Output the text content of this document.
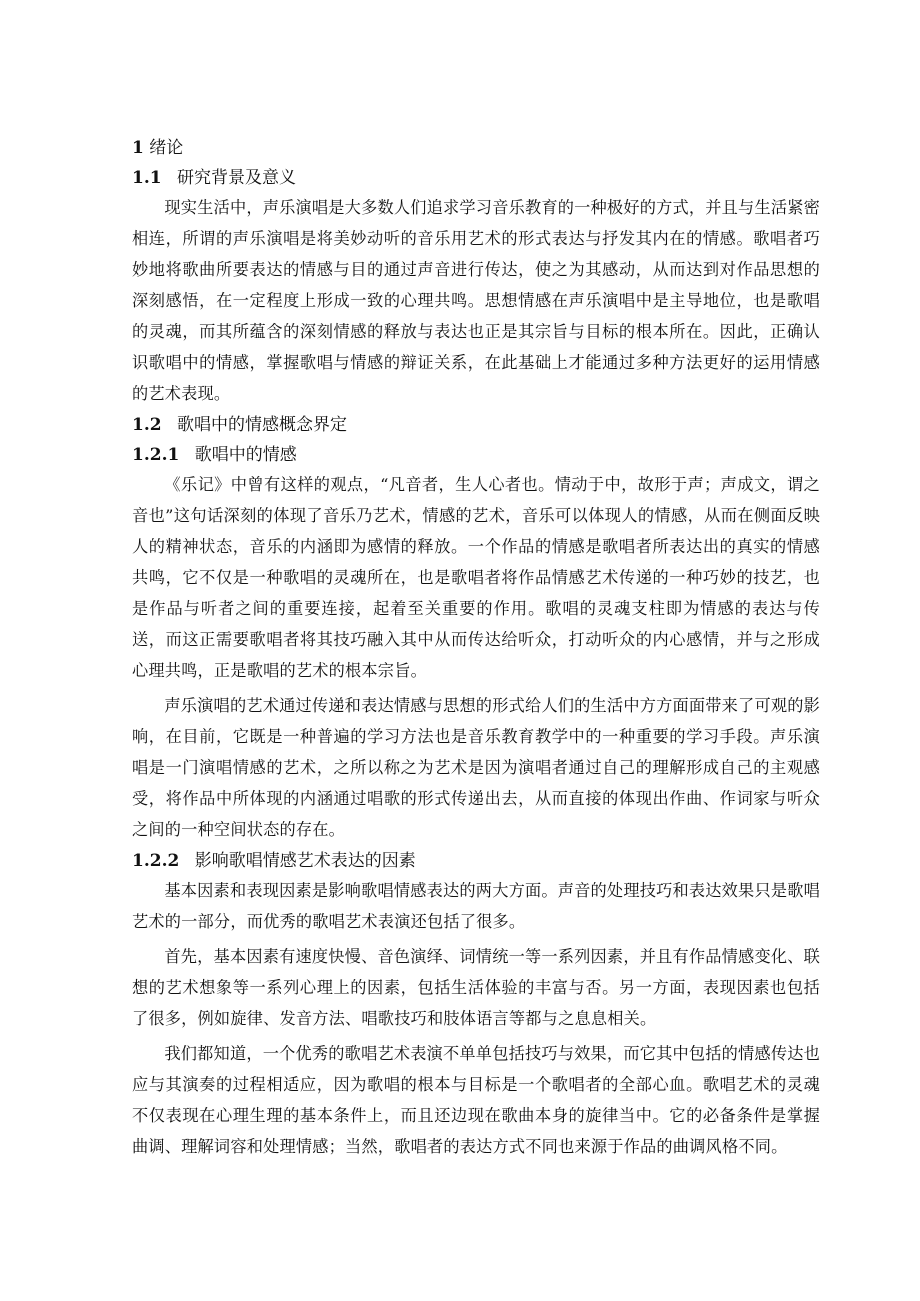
1 绪论
1.1 研究背景及意义

现实生活中，声乐演唱是大多数人们追求学习音乐教育的一种极好的方式，并且与生活紧密相连，所谓的声乐演唱是将美妙动听的音乐用艺术的形式表达与抒发其内在的情感。歌唱者巧妙地将歌曲所要表达的情感与目的通过声音进行传达，使之为其感动，从而达到对作品思想的深刻感悟，在一定程度上形成一致的心理共鸣。思想情感在声乐演唱中是主导地位，也是歌唱的灵魂，而其所蕴含的深刻情感的释放与表达也正是其宗旨与目标的根本所在。因此，正确认识歌唱中的情感，掌握歌唱与情感的辩证关系，在此基础上才能通过多种方法更好的运用情感的艺术表现。

1.2 歌唱中的情感概念界定
1.2.1 歌唱中的情感

《乐记》中曾有这样的观点，“凡音者，生人心者也。情动于中，故形于声；声成文，谓之音也”这句话深刻的体现了音乐乃艺术，情感的艺术，音乐可以体现人的情感，从而在侧面反映人的精神状态，音乐的内涵即为感情的释放。一个作品的情感是歌唱者所表达出的真实的情感共鸣，它不仅是一种歌唱的灵魂所在，也是歌唱者将作品情感艺术传递的一种巧妙的技艺，也是作品与听者之间的重要连接，起着至关重要的作用。歌唱的灵魂支柱即为情感的表达与传送，而这正需要歌唱者将其技巧融入其中从而传达给听众，打动听众的内心感情，并与之形成心理共鸣，正是歌唱的艺术的根本宗旨。

声乐演唱的艺术通过传递和表达情感与思想的形式给人们的生活中方方面面带来了可观的影响，在目前，它既是一种普遍的学习方法也是音乐教育教学中的一种重要的学习手段。声乐演唱是一门演唱情感的艺术，之所以称之为艺术是因为演唱者通过自己的理解形成自己的主观感受，将作品中所体现的内涵通过唱歌的形式传递出去，从而直接的体现出作曲、作词家与听众之间的一种空间状态的存在。

1.2.2 影响歌唱情感艺术表达的因素

基本因素和表现因素是影响歌唱情感表达的两大方面。声音的处理技巧和表达效果只是歌唱艺术的一部分，而优秀的歌唱艺术表演还包括了很多。

首先，基本因素有速度快慢、音色演绎、词情统一等一系列因素，并且有作品情感变化、联想的艺术想象等一系列心理上的因素，包括生活体验的丰富与否。另一方面，表现因素也包括了很多，例如旋律、发音方法、唱歌技巧和肢体语言等都与之息息相关。

我们都知道，一个优秀的歌唱艺术表演不单单包括技巧与效果，而它其中包括的情感传达也应与其演奏的过程相适应，因为歌唱的根本与目标是一个歌唱者的全部心血。歌唱艺术的灵魂不仅表现在心理生理的基本条件上，而且还边现在歌曲本身的旋律当中。它的必备条件是掌握曲调、理解词容和处理情感；当然，歌唱者的表达方式不同也来源于作品的曲调风格不同。
